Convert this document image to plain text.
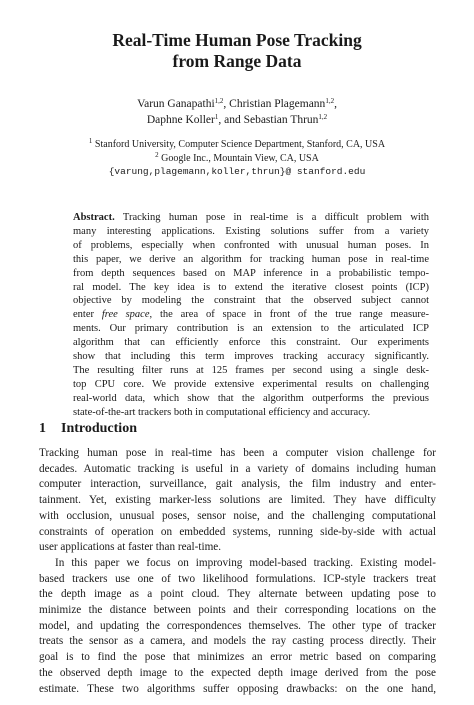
Real-Time Human Pose Tracking
from Range Data
Varun Ganapathi$^{1,2}$, Christian Plagemann$^{1,2}$,
Daphne Koller$^1$, and Sebastian Thrun$^{1,2}$
$^1$ Stanford University, Computer Science Department, Stanford, CA, USA
$^2$ Google Inc., Mountain View, CA, USA
{varung,plagemann,koller,thrun}@ stanford.edu
Abstract. Tracking human pose in real-time is a difficult problem with
many interesting applications. Existing solutions suffer from a variety
of problems, especially when confronted with unusual human poses. In
this paper, we derive an algorithm for tracking human pose in real-time
from depth sequences based on MAP inference in a probabilistic tempo-
ral model. The key idea is to extend the iterative closest points (ICP)
objective by modeling the constraint that the observed subject cannot
enter free space, the area of space in front of the true range measure-
ments. Our primary contribution is an extension to the articulated ICP
algorithm that can efficiently enforce this constraint. Our experiments
show that including this term improves tracking accuracy significantly.
The resulting filter runs at 125 frames per second using a single desk-
top CPU core. We provide extensive experimental results on challenging
real-world data, which show that the algorithm outperforms the previous
state-of-the-art trackers both in computational efficiency and accuracy.
1 Introduction
Tracking human pose in real-time has been a computer vision challenge for
decades. Automatic tracking is useful in a variety of domains including human
computer interaction, surveillance, gait analysis, the film industry and enter-
tainment. Yet, existing marker-less solutions are limited. They have difficulty
with occlusion, unusual poses, sensor noise, and the challenging computational
constraints of operation on embedded systems, running side-by-side with actual
user applications at faster than real-time.
In this paper we focus on improving model-based tracking. Existing model-
based trackers use one of two likelihood formulations. ICP-style trackers treat
the depth image as a point cloud. They alternate between updating pose to
minimize the distance between points and their corresponding locations on the
model, and updating the correspondences themselves. The other type of tracker
treats the sensor as a camera, and models the ray casting process directly. Their
goal is to find the pose that minimizes an error metric based on comparing
the observed depth image to the expected depth image derived from the pose
estimate. These two algorithms suffer opposing drawbacks: on the one hand,
